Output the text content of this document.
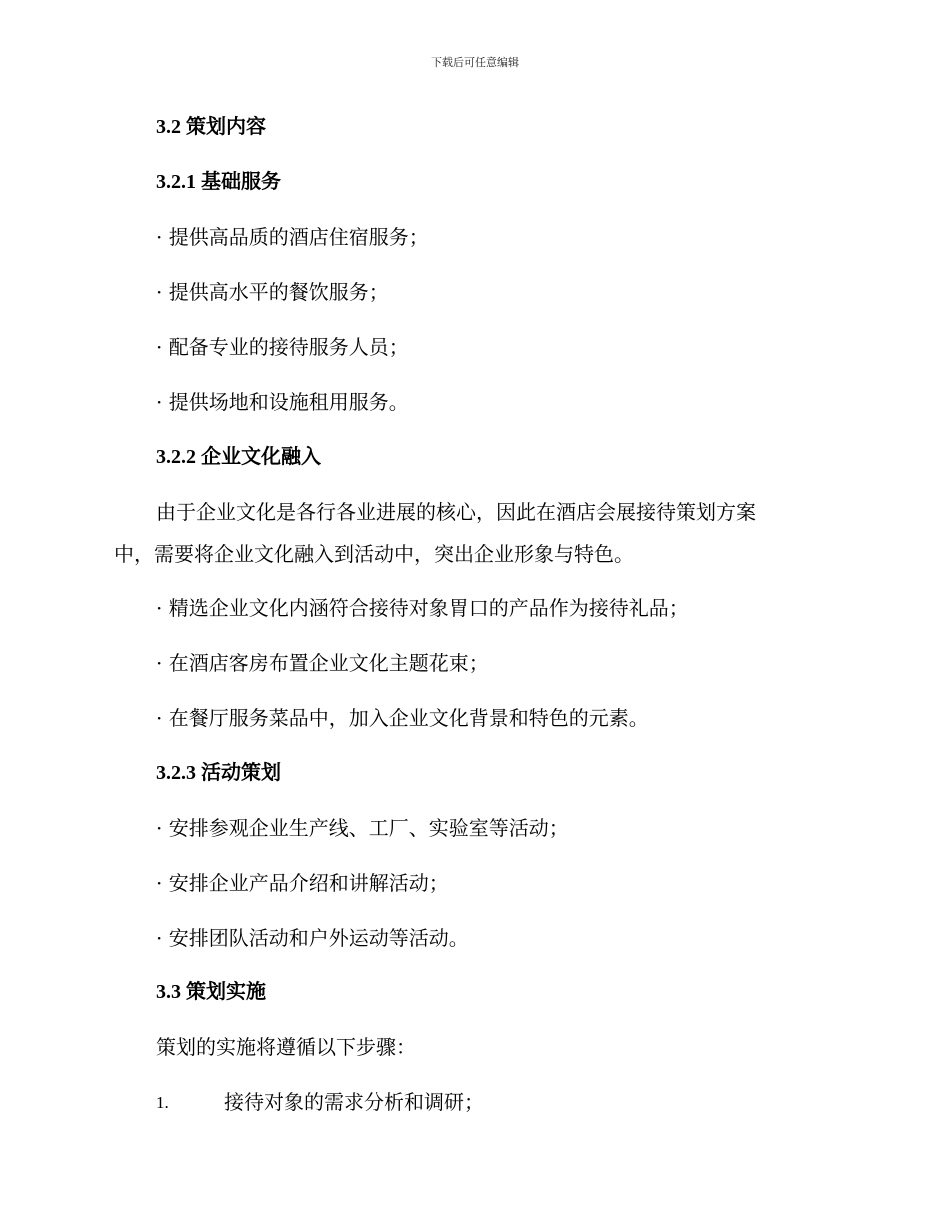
下载后可任意编辑
3.2 策划内容
3.2.1 基础服务
· 提供高品质的酒店住宿服务；
· 提供高水平的餐饮服务；
· 配备专业的接待服务人员；
· 提供场地和设施租用服务。
3.2.2 企业文化融入
由于企业文化是各行各业进展的核心，因此在酒店会展接待策划方案
中，需要将企业文化融入到活动中，突出企业形象与特色。
· 精选企业文化内涵符合接待对象胃口的产品作为接待礼品；
· 在酒店客房布置企业文化主题花束；
· 在餐厅服务菜品中，加入企业文化背景和特色的元素。
3.2.3 活动策划
· 安排参观企业生产线、工厂、实验室等活动；
· 安排企业产品介绍和讲解活动；
· 安排团队活动和户外运动等活动。
3.3 策划实施
策划的实施将遵循以下步骤：
1.	接待对象的需求分析和调研；
